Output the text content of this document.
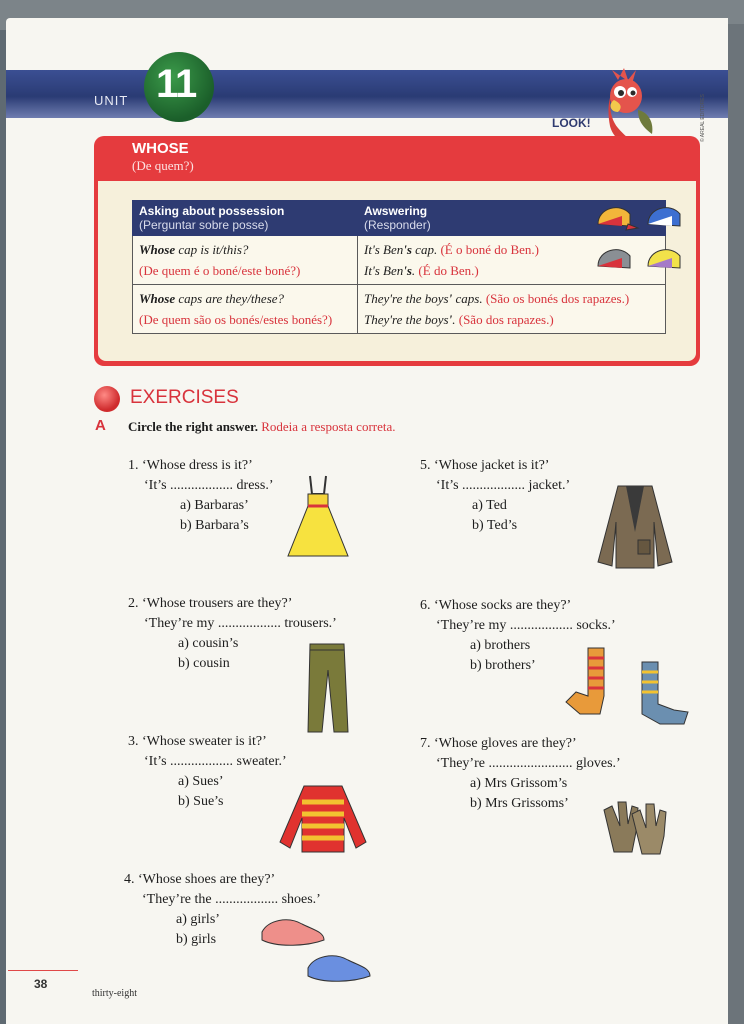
UNIT 11
© AREAL EDITORES
LOOK!
WHOSE
(De quem?)
Asking about possession
(Perguntar sobre posse)	Awswering
(Responder)

Whose cap is it/this?
(De quem é o boné/este boné?)	It's Ben's cap. (É o boné do Ben.)
It's Ben's. (É do Ben.)
Whose caps are they/these?
(De quem são os bonés/estes bonés?)	They're the boys' caps. (São os bonés dos rapazes.)
They're the boys'. (São dos rapazes.)
EXERCISES
A Circle the right answer. Rodeia a resposta correta.
1. ‘Whose dress is it?’
‘It’s .................. dress.’
a) Barbaras’
b) Barbara’s
2. ‘Whose trousers are they?’
‘They’re my .................. trousers.’
a) cousin’s
b) cousin
3. ‘Whose sweater is it?’
‘It’s .................. sweater.’
a) Sues’
b) Sue’s
4. ‘Whose shoes are they?’
‘They’re the .................. shoes.’
a) girls’
b) girls
5. ‘Whose jacket is it?’
‘It’s .................. jacket.’
a) Ted
b) Ted’s
6. ‘Whose socks are they?’
‘They’re my .................. socks.’
a) brothers
b) brothers’
7. ‘Whose gloves are they?’
‘They’re ........................ gloves.’
a) Mrs Grissom’s
b) Mrs Grissoms’
38
thirty-eight
